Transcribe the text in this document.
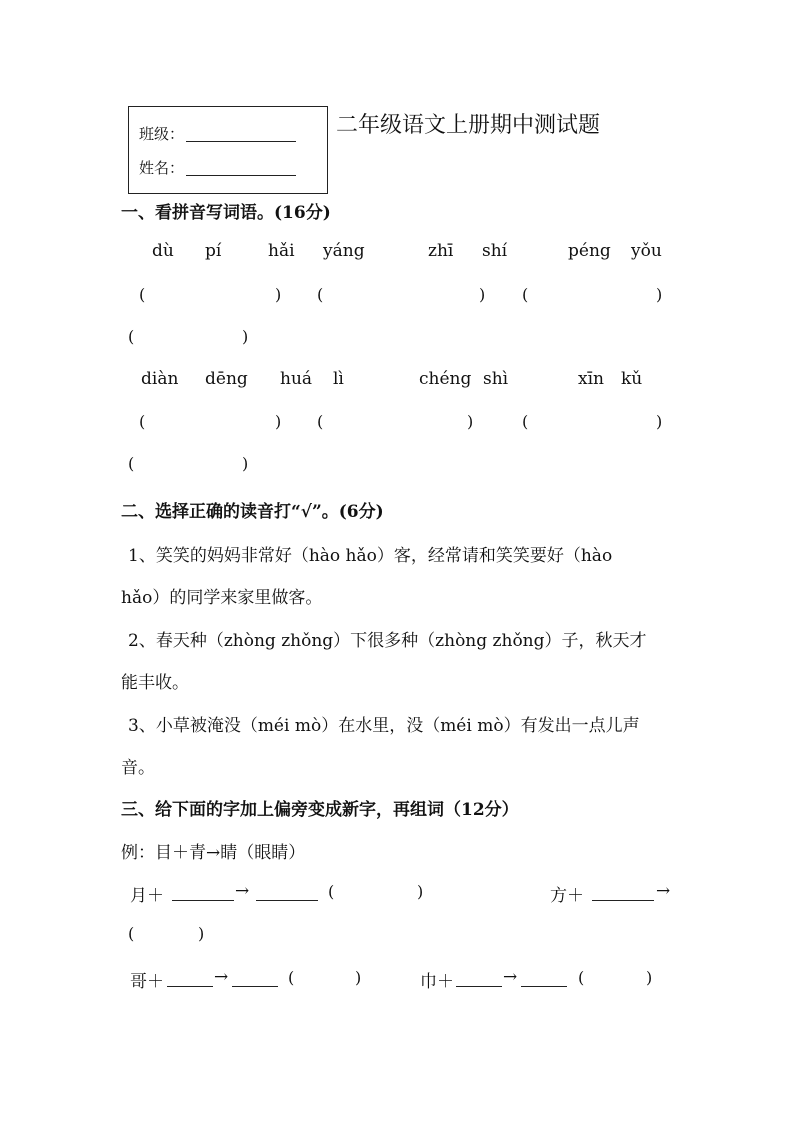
班级：
姓名：
二年级语文上册期中测试题
一、看拼音写词语。(16分)
dù pí	hǎi yáng	zhī shí	péng yǒu
(	) (	) (	)
(	)
diàn dēng huá lì	chéng shì	xīn kǔ
(	) (	)	(	)
(	)
二、选择正确的读音打“√”。(6分)
1、笑笑的妈妈非常好（hào hǎo）客，经常请和笑笑要好（hào
hǎo）的同学来家里做客。
2、春天种（zhòng zhǒng）下很多种（zhòng zhǒng）子，秋天才
能丰收。
3、小草被淹没（méi mò）在水里，没（méi mò）有发出一点儿声
音。
三、给下面的字加上偏旁变成新字，再组词（12分）
例：目＋青→睛（眼睛）
月＋	→	(	)	方＋	→
(	)
哥＋	→	(	)	巾＋	→	(	)
